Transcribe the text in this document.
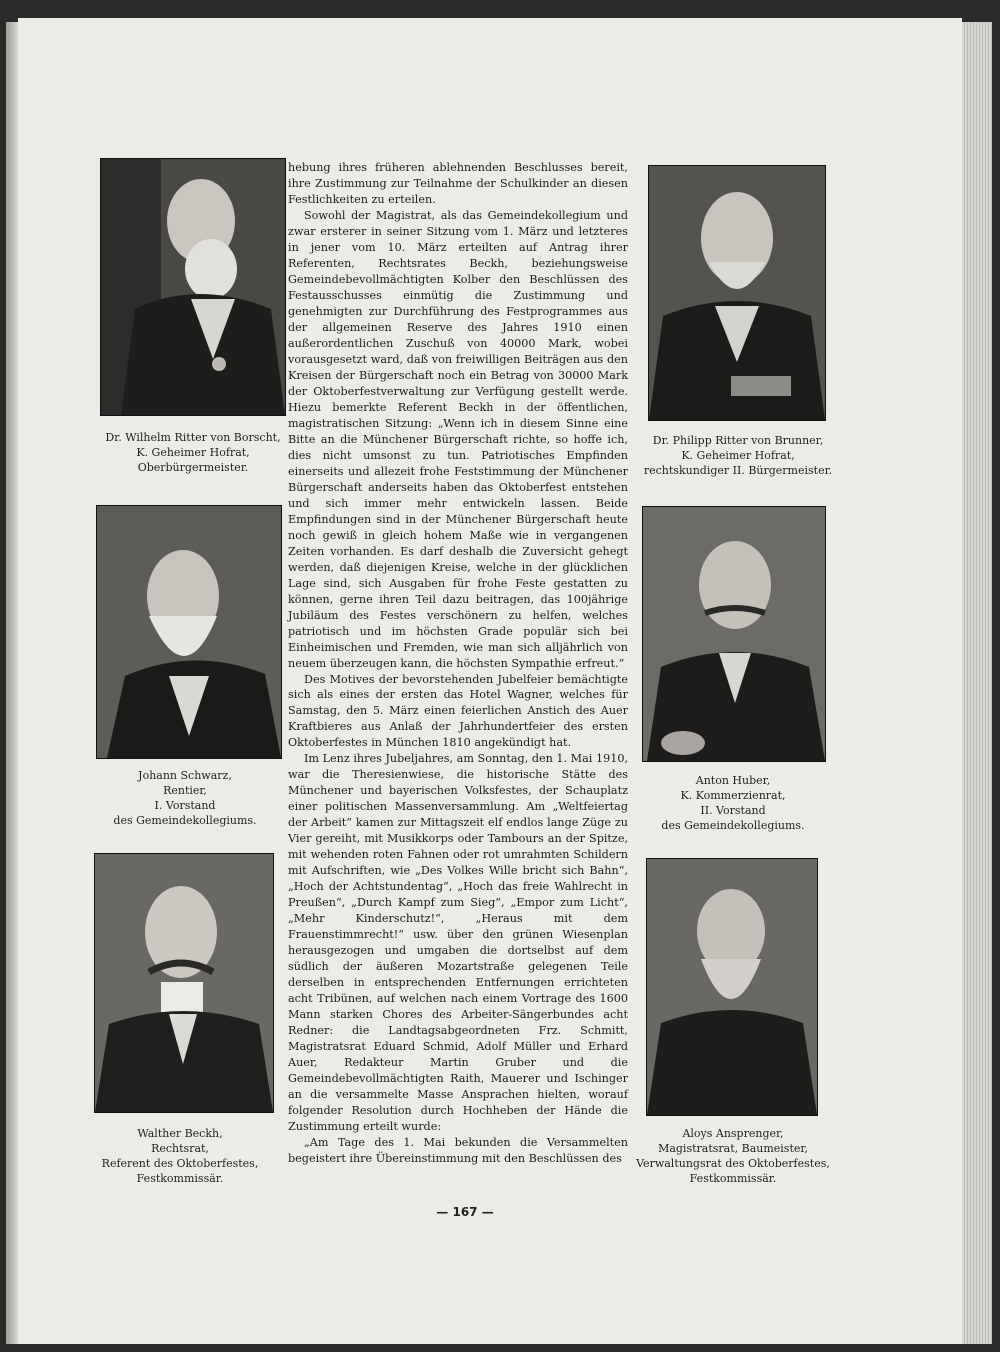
Dr. Wilhelm Ritter von Borscht,
K. Geheimer Hofrat,
Oberbürgermeister.
Johann Schwarz,
Rentier,
I. Vorstand
des Gemeindekollegiums.
Walther Beckh,
Rechtsrat,
Referent des Oktoberfestes,
Festkommissär.
Dr. Philipp Ritter von Brunner,
K. Geheimer Hofrat,
rechtskundiger II. Bürgermeister.
Anton Huber,
K. Kommerzienrat,
II. Vorstand
des Gemeindekollegiums.
Aloys Ansprenger,
Magistratsrat, Baumeister,
Verwaltungsrat des Oktoberfestes,
Festkommissär.

hebung ihres früheren ablehnenden Beschlusses bereit, ihre Zustimmung zur Teilnahme der Schulkinder an diesen Festlichkeiten zu erteilen.

Sowohl der Magistrat, als das Gemeindekollegium und zwar ersterer in seiner Sitzung vom 1. März und letzteres in jener vom 10. März erteilten auf Antrag ihrer Referenten, Rechtsrates Beckh, beziehungsweise Gemeindebevollmächtigten Kolber den Beschlüssen des Festausschusses einmütig die Zustimmung und genehmigten zur Durchführung des Festprogrammes aus der allgemeinen Reserve des Jahres 1910 einen außerordentlichen Zuschuß von 40000 Mark, wobei vorausgesetzt ward, daß von freiwilligen Beiträgen aus den Kreisen der Bürgerschaft noch ein Betrag von 30000 Mark der Oktoberfestverwaltung zur Verfügung gestellt werde. Hiezu bemerkte Referent Beckh in der öffentlichen, magistratischen Sitzung: „Wenn ich in diesem Sinne eine Bitte an die Münchener Bürgerschaft richte, so hoffe ich, dies nicht umsonst zu tun. Patriotisches Empfinden einerseits und allezeit frohe Feststimmung der Münchener Bürgerschaft anderseits haben das Oktoberfest entstehen und sich immer mehr entwickeln lassen. Beide Empfindungen sind in der Münchener Bürgerschaft heute noch gewiß in gleich hohem Maße wie in vergangenen Zeiten vorhanden. Es darf deshalb die Zuversicht gehegt werden, daß diejenigen Kreise, welche in der glücklichen Lage sind, sich Ausgaben für frohe Feste gestatten zu können, gerne ihren Teil dazu beitragen, das 100jährige Jubiläum des Festes verschönern zu helfen, welches patriotisch und im höchsten Grade populär sich bei Einheimischen und Fremden, wie man sich alljährlich von neuem überzeugen kann, die höchsten Sympathie erfreut.“

Des Motives der bevorstehenden Jubelfeier bemächtigte sich als eines der ersten das Hotel Wagner, welches für Samstag, den 5. März einen feierlichen Anstich des Auer Kraftbieres aus Anlaß der Jahrhundertfeier des ersten Oktoberfestes in München 1810 angekündigt hat.

Im Lenz ihres Jubeljahres, am Sonntag, den 1. Mai 1910, war die Theresienwiese, die historische Stätte des Münchener und bayerischen Volksfestes, der Schauplatz einer politischen Massenversammlung. Am „Weltfeiertag der Arbeit“ kamen zur Mittagszeit elf endlos lange Züge zu Vier gereiht, mit Musikkorps oder Tambours an der Spitze, mit wehenden roten Fahnen oder rot umrahmten Schildern mit Aufschriften, wie „Des Volkes Wille bricht sich Bahn“, „Hoch der Achtstundentag“, „Hoch das freie Wahlrecht in Preußen“, „Durch Kampf zum Sieg“, „Empor zum Licht“, „Mehr Kinderschutz!“, „Heraus mit dem Frauenstimmrecht!“ usw. über den grünen Wiesenplan herausgezogen und umgaben die dortselbst auf dem südlich der äußeren Mozartstraße gelegenen Teile derselben in entsprechenden Entfernungen errichteten acht Tribünen, auf welchen nach einem Vortrage des 1600 Mann starken Chores des Arbeiter-Sängerbundes acht Redner: die Landtagsabgeordneten Frz. Schmitt, Magistratsrat Eduard Schmid, Adolf Müller und Erhard Auer, Redakteur Martin Gruber und die Gemeindebevollmächtigten Raith, Mauerer und Ischinger an die versammelte Masse Ansprachen hielten, worauf folgender Resolution durch Hochheben der Hände die Zustimmung erteilt wurde:

„Am Tage des 1. Mai bekunden die Versammelten begeistert ihre Übereinstimmung mit den Beschlüssen des

— 167 —
